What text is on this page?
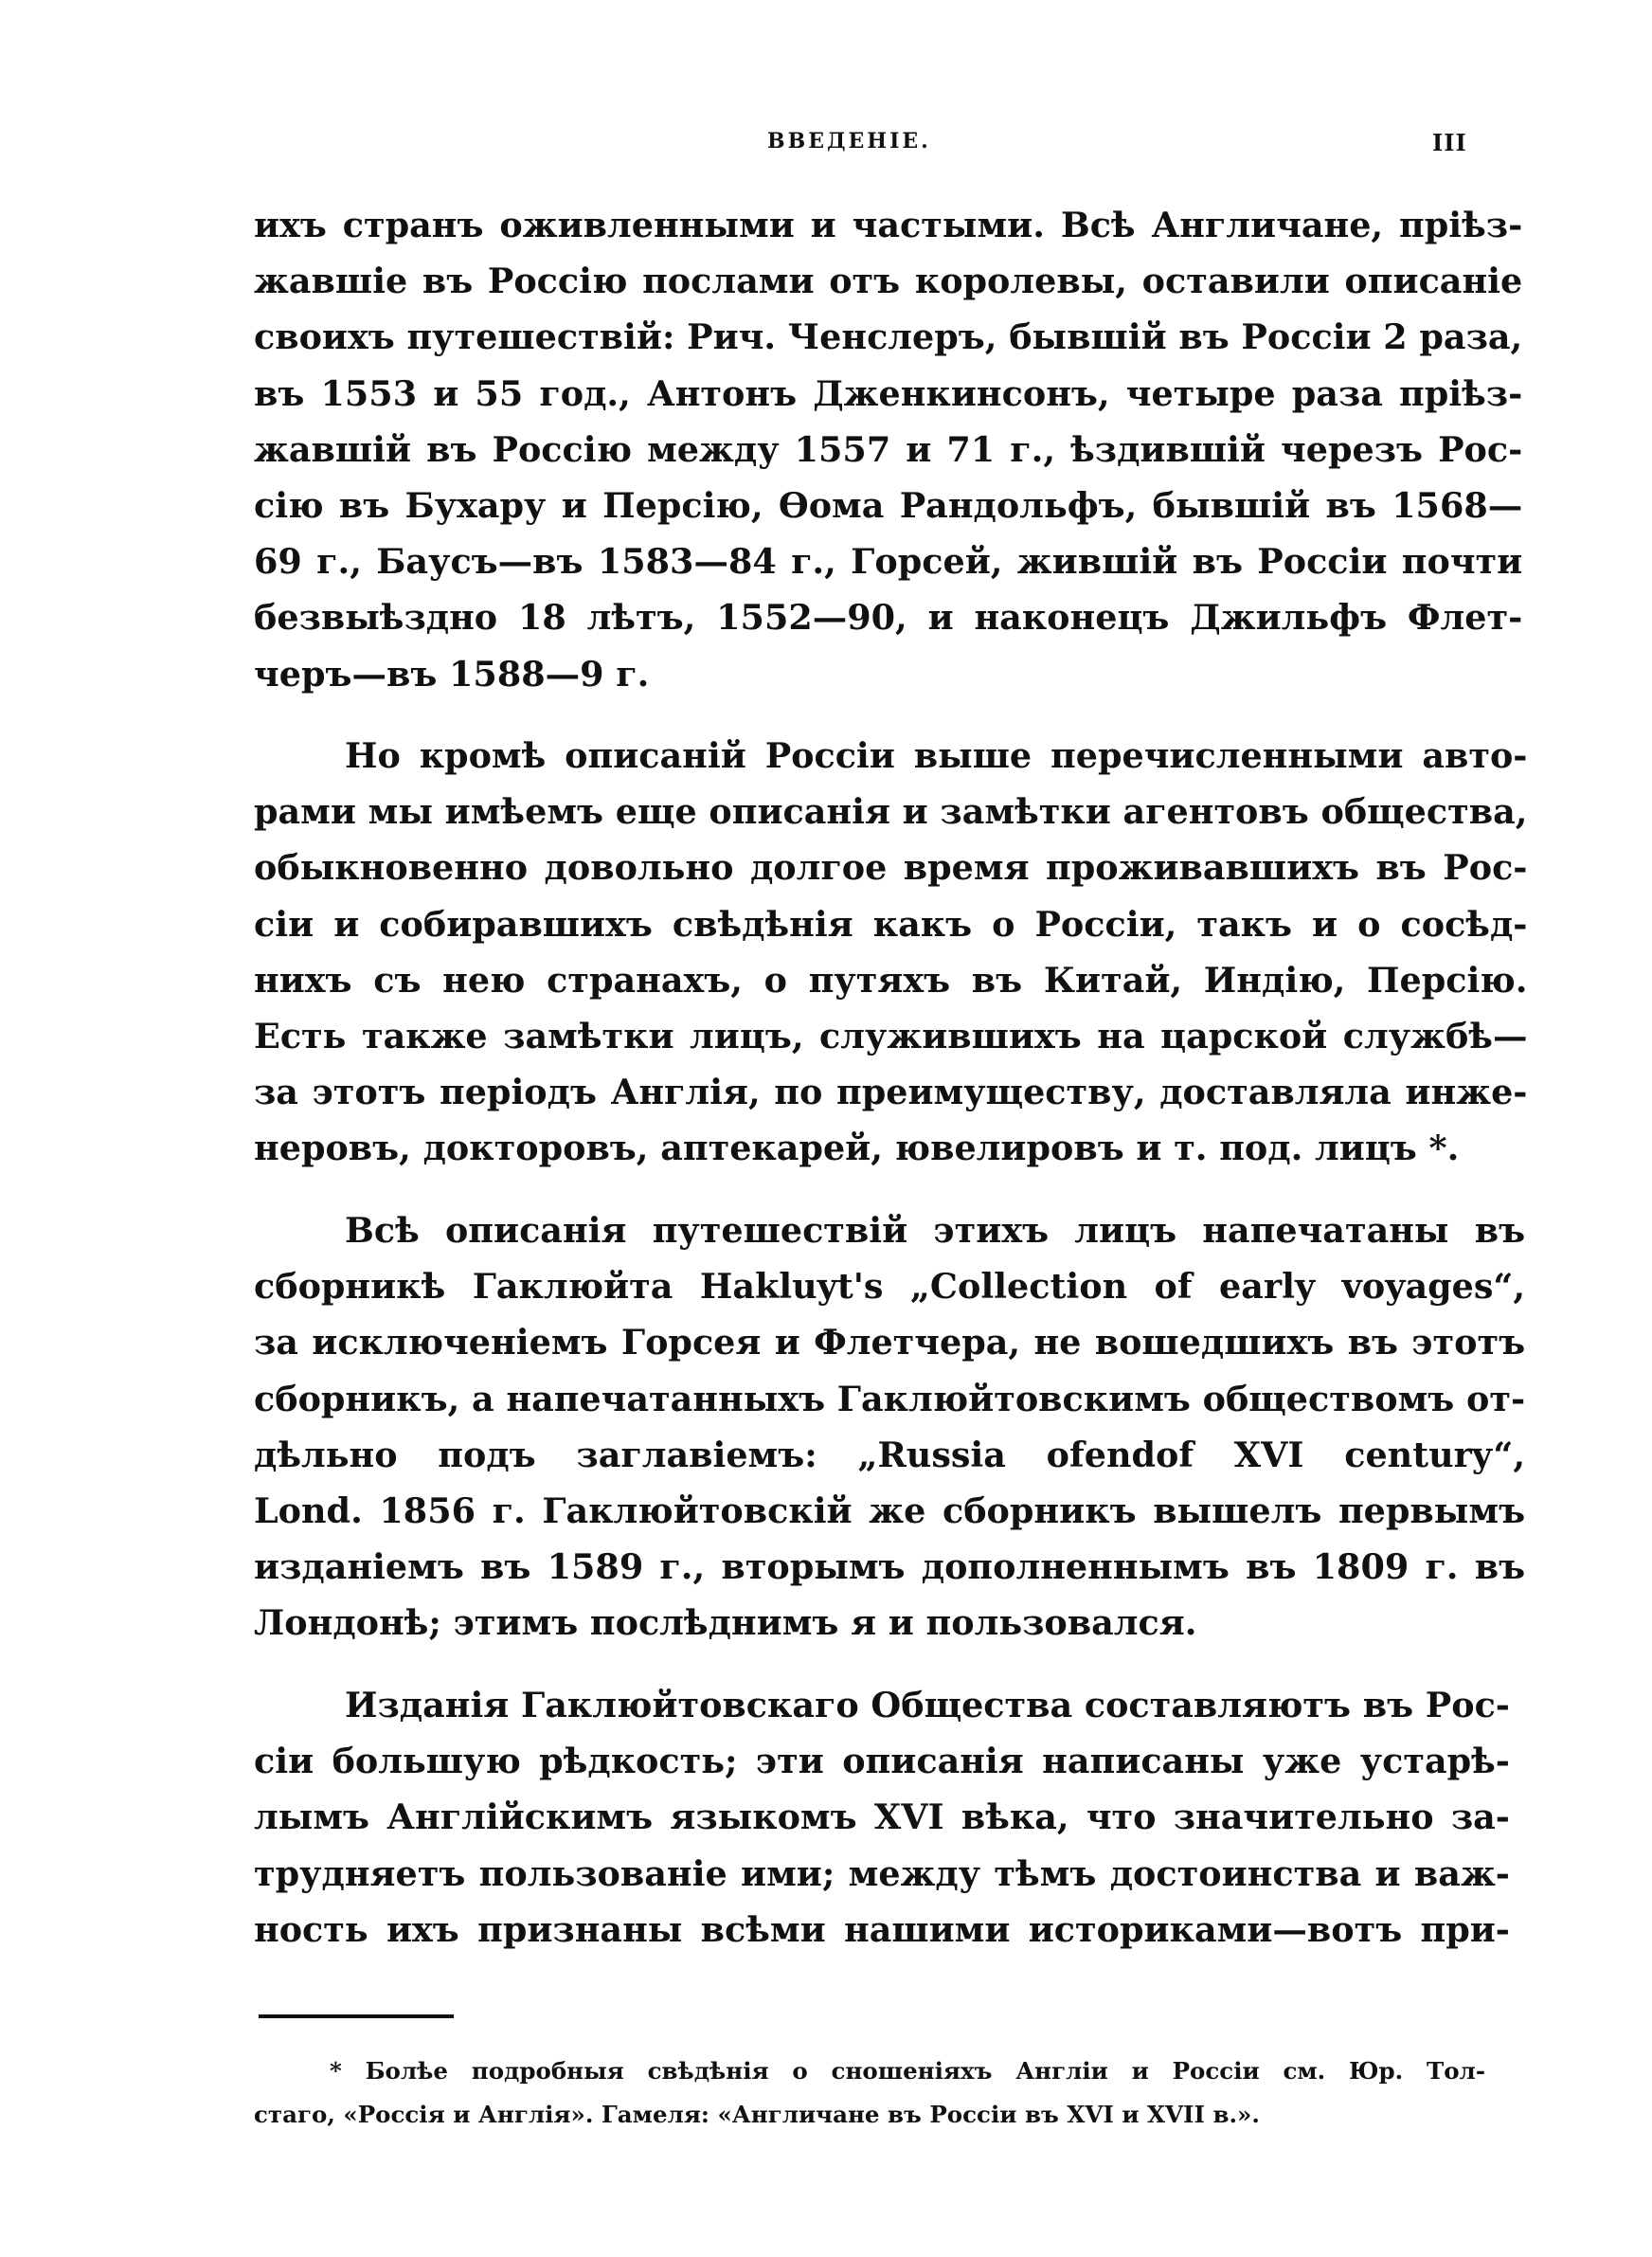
ВВЕДЕНІЕ.	III

ихъ странъ оживленными и частыми. Всѣ Англичане, пріѣз-
жавшіе въ Россію послами отъ королевы, оставили описаніе
своихъ путешествій: Рич. Ченслеръ, бывшій въ Россіи 2 раза,
въ 1553 и 55 год., Антонъ Дженкинсонъ, четыре раза пріѣз-
жавшій въ Россію между 1557 и 71 г., ѣздившій черезъ Рос-
сію въ Бухару и Персію, Ѳома Рандольфъ, бывшій въ 1568—
69 г., Баусъ—въ 1583—84 г., Горсей, жившій въ Россіи почти
безвыѣздно 18 лѣтъ, 1552—90, и наконецъ Джильфъ Флет-
черъ—въ 1588—9 г.

Но кромѣ описаній Россіи выше перечисленными авто-
рами мы имѣемъ еще описанія и замѣтки агентовъ общества,
обыкновенно довольно долгое время проживавшихъ въ Рос-
сіи и собиравшихъ свѣдѣнія какъ о Россіи, такъ и о сосѣд-
нихъ съ нею странахъ, о путяхъ въ Китай, Индію, Персію.
Есть также замѣтки лицъ, служившихъ на царской службѣ—
за этотъ періодъ Англія, по преимуществу, доставляла инже-
неровъ, докторовъ, аптекарей, ювелировъ и т. под. лицъ *.

Всѣ описанія путешествій этихъ лицъ напечатаны въ
сборникѣ Гаклюйта Hakluyt's „Collection of early voyages“,
за исключеніемъ Горсея и Флетчера, не вошедшихъ въ этотъ
сборникъ, а напечатанныхъ Гаклюйтовскимъ обществомъ от-
дѣльно подъ заглавіемъ: „Russia ofendof XVI century“,
Lond. 1856 г. Гаклюйтовскій же сборникъ вышелъ первымъ
изданіемъ въ 1589 г., вторымъ дополненнымъ въ 1809 г. въ
Лондонѣ; этимъ послѣднимъ я и пользовался.

Изданія Гаклюйтовскаго Общества составляютъ въ Рос-
сіи большую рѣдкость; эти описанія написаны уже устарѣ-
лымъ Англійскимъ языкомъ XVI вѣка, что значительно за-
трудняетъ пользованіе ими; между тѣмъ достоинства и важ-
ность ихъ признаны всѣми нашими историками—вотъ при-

* Болѣе подробныя свѣдѣнія о сношеніяхъ Англіи и Россіи см. Юр. Тол-
стаго, «Россія и Англія». Гамеля: «Англичане въ Россіи въ XVI и XVII в.».
